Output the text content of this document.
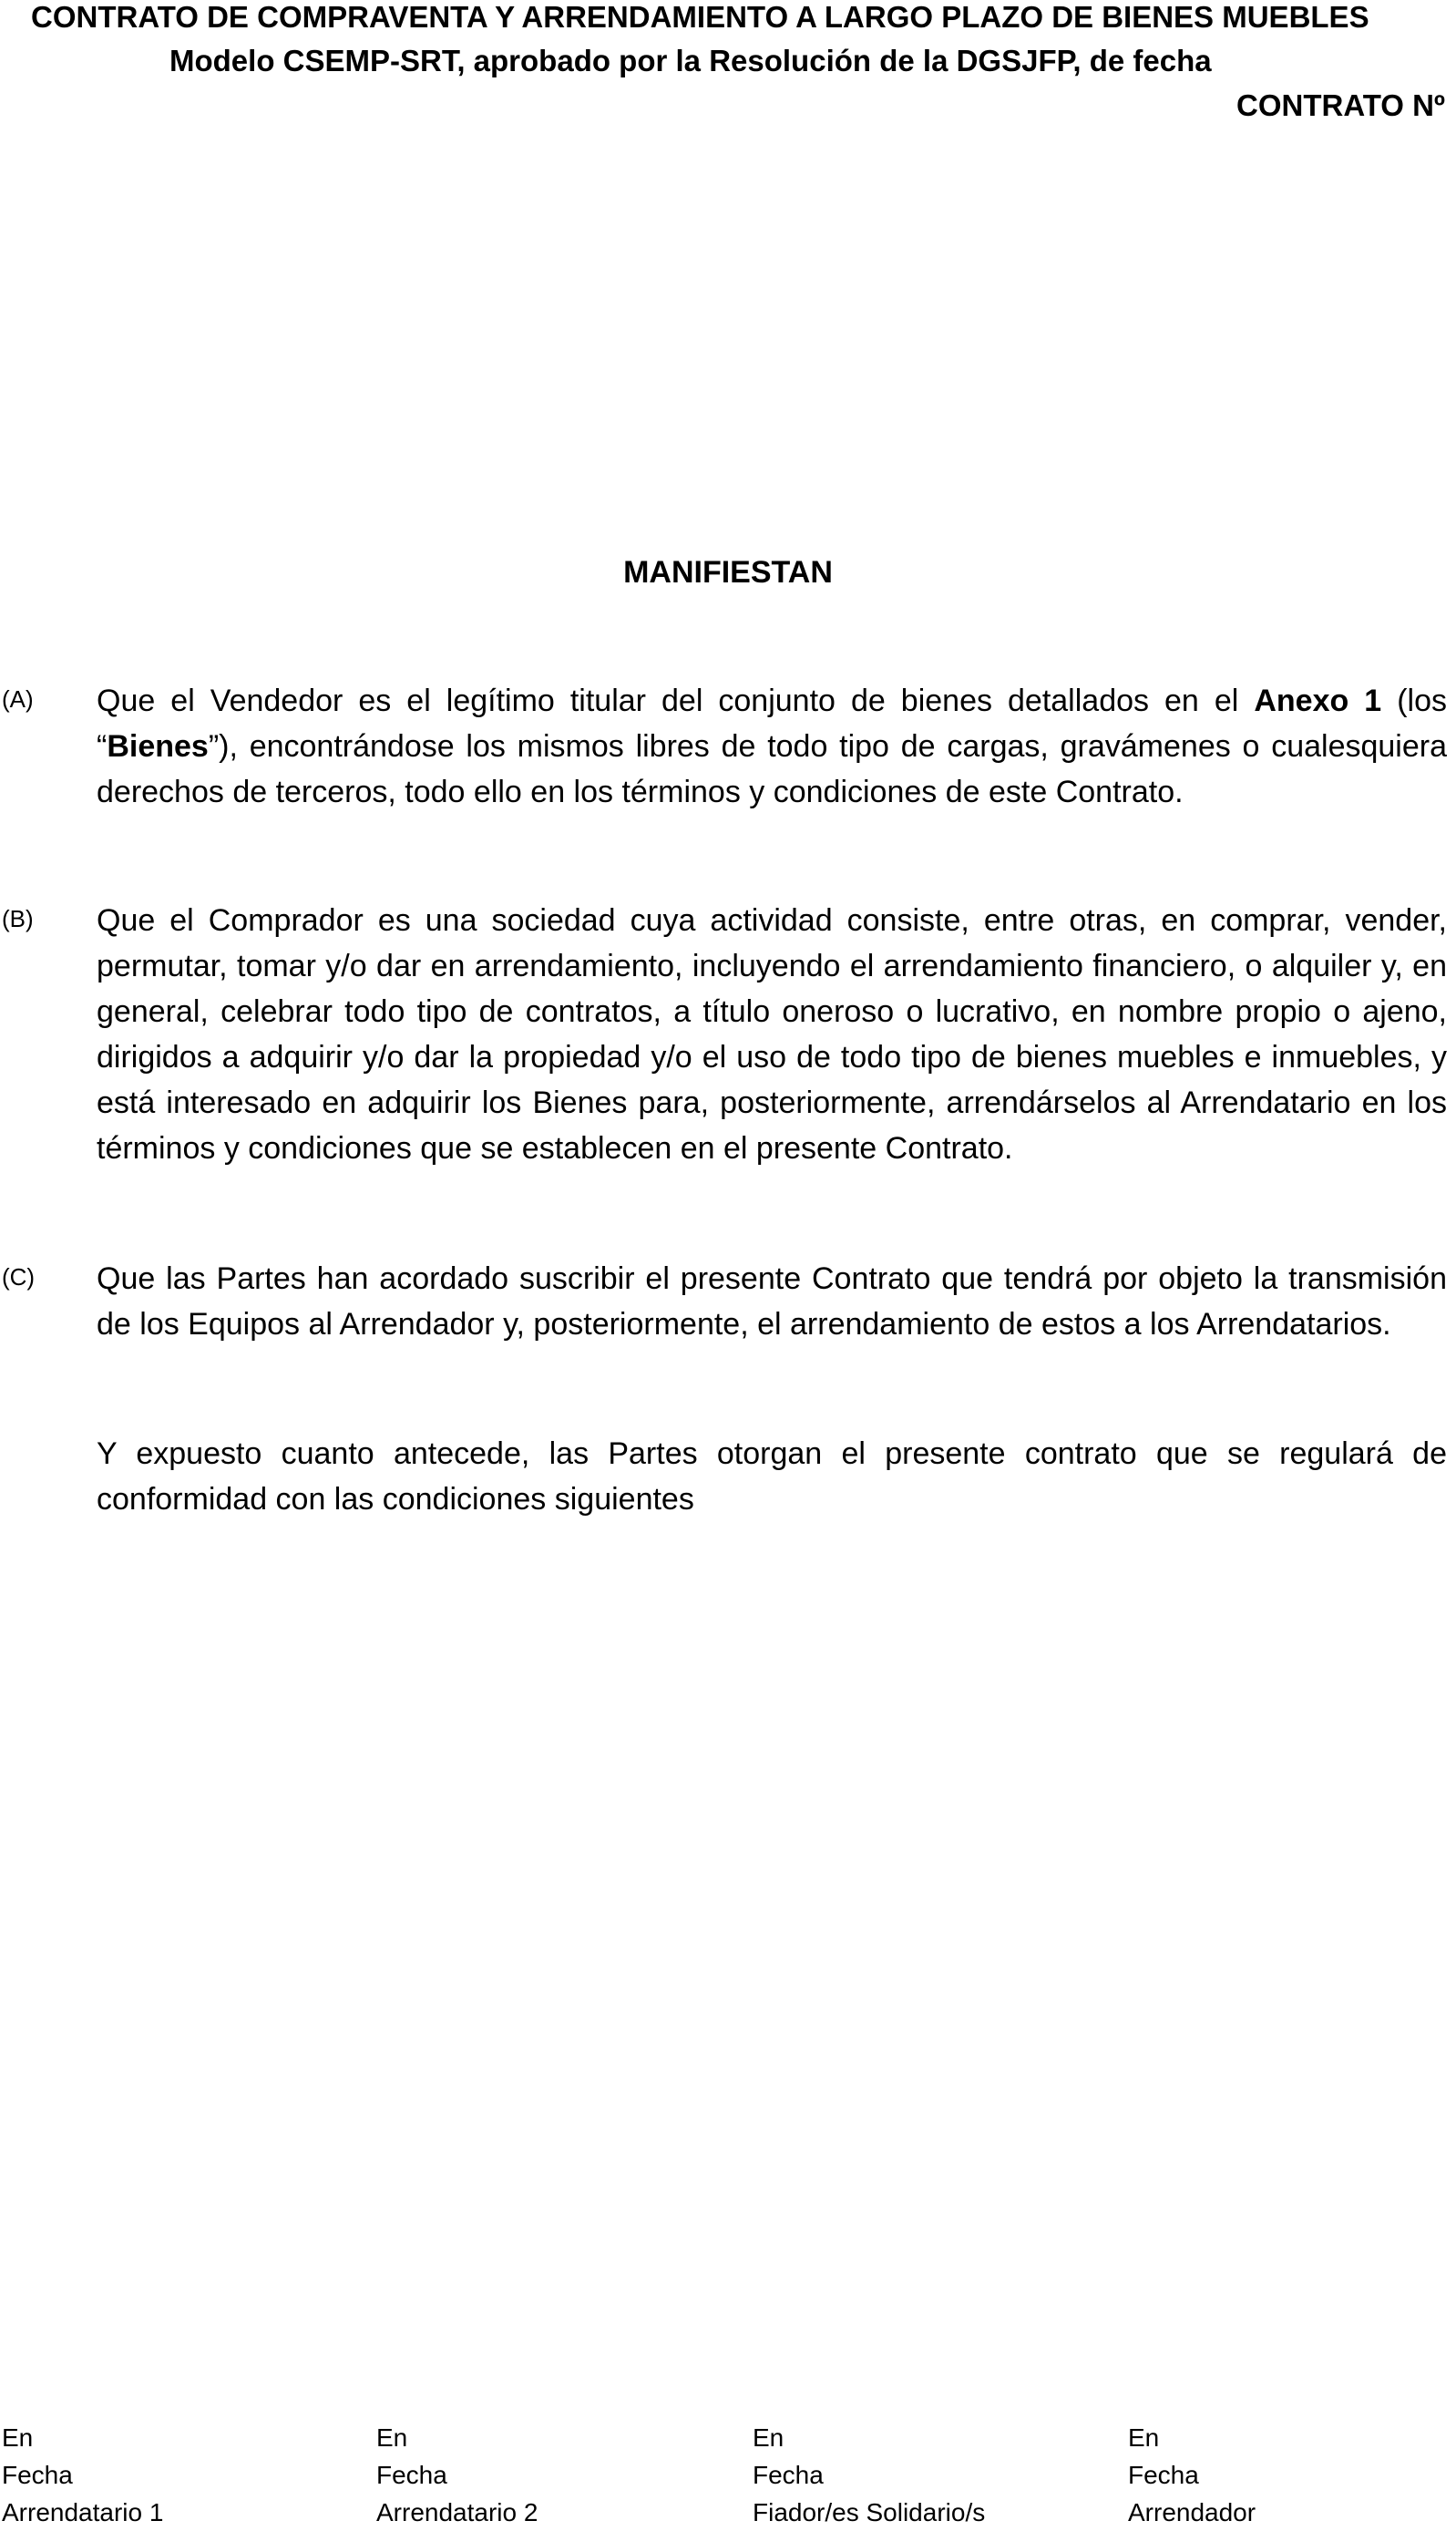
CONTRATO DE COMPRAVENTA Y ARRENDAMIENTO A LARGO PLAZO DE BIENES MUEBLES
Modelo CSEMP-SRT, aprobado por la Resolución de la DGSJFP, de fecha
CONTRATO Nº
MANIFIESTAN
(A) Que el Vendedor es el legítimo titular del conjunto de bienes detallados en el Anexo 1 (los “Bienes”), encontrándose los mismos libres de todo tipo de cargas, gravámenes o cualesquiera derechos de terceros, todo ello en los términos y condiciones de este Contrato.
(B) Que el Comprador es una sociedad cuya actividad consiste, entre otras, en comprar, vender, permutar, tomar y/o dar en arrendamiento, incluyendo el arrendamiento financiero, o alquiler y, en general, celebrar todo tipo de contratos, a título oneroso o lucrativo, en nombre propio o ajeno, dirigidos a adquirir y/o dar la propiedad y/o el uso de todo tipo de bienes muebles e inmuebles, y está interesado en adquirir los Bienes para, posteriormente, arrendárselos al Arrendatario en los términos y condiciones que se establecen en el presente Contrato.
(C) Que las Partes han acordado suscribir el presente Contrato que tendrá por objeto la transmisión de los Equipos al Arrendador y, posteriormente, el arrendamiento de estos a los Arrendatarios.
Y expuesto cuanto antecede, las Partes otorgan el presente contrato que se regulará de conformidad con las condiciones siguientes
En
Fecha
Arrendatario 1
En
Fecha
Arrendatario 2
En
Fecha
Fiador/es Solidario/s
En
Fecha
Arrendador
